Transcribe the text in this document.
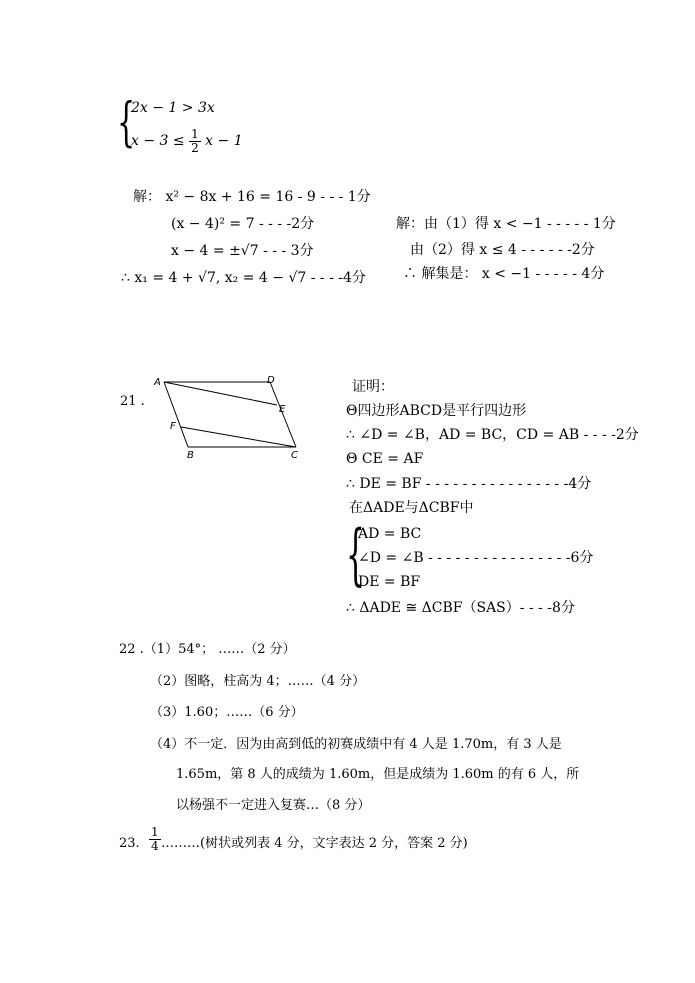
{
2x − 1 > 3x
$x - 3 \le \frac{1}{2}$ x − 1
解： x² − 8x + 16 = 16 - 9 - - - 1分
(x − 4)² = 7 - - - -2分
x − 4 = ±√7 - - - 3分
∴ x₁ = 4 + √7, x₂ = 4 − √7 - - - -4分
解：由（1）得 x < −1 - - - - - 1分
由（2）得 x ≤ 4 - - - - - -2分
∴ 解集是： x < −1 - - - - - 4分
21 .
A	D
E
F
B	C
证明：
Θ四边形ABCD是平行四边形
∴ ∠D = ∠B，AD = BC，CD = AB - - - -2分
Θ CE = AF
∴ DE = BF - - - - - - - - - - - - - - - -4分
在ΔADE与ΔCBF中
{
AD = BC
∠D = ∠B - - - - - - - - - - - - - - - -6分
DE = BF
∴ ΔADE ≅ ΔCBF（SAS）- - - -8分
22 .（1）54°； ……（2 分）
（2）图略，柱高为 4；……（4 分）
（3）1.60；……（6 分）
（4）不一定．因为由高到低的初赛成绩中有 4 人是 1.70m，有 3 人是
1.65m，第 8 人的成绩为 1.60m，但是成绩为 1.60m 的有 6 人，所
以杨强不一定进入复赛…（8 分）
23. $\frac{1}{4}$ ………(树状或列表 4 分，文字表达 2 分，答案 2 分)
